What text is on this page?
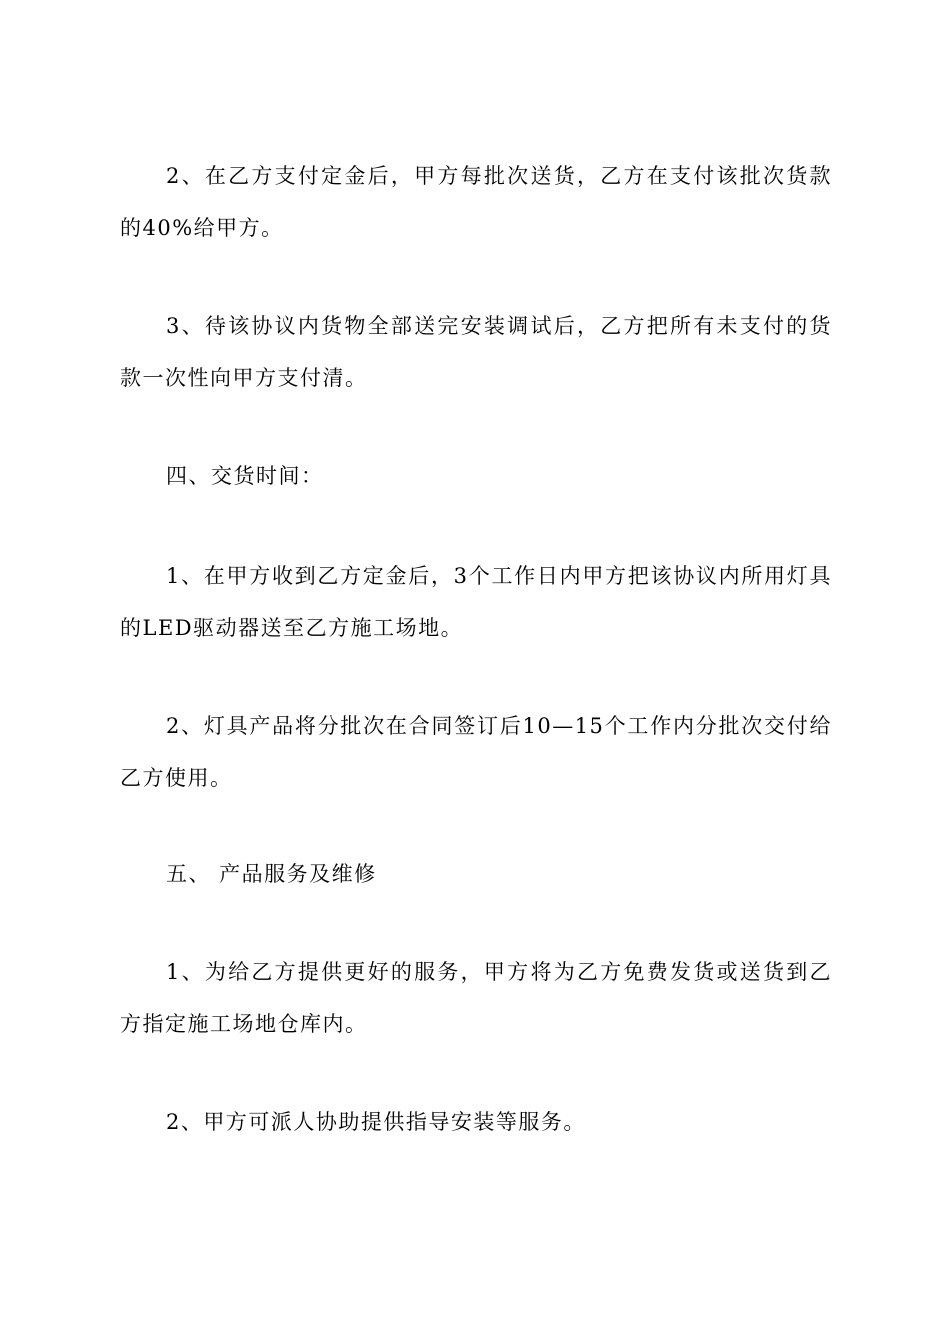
2、在乙方支付定金后，甲方每批次送货，乙方在支付该批次货款的40%给甲方。

3、待该协议内货物全部送完安装调试后，乙方把所有未支付的货款一次性向甲方支付清。

四、交货时间：

1、在甲方收到乙方定金后，3个工作日内甲方把该协议内所用灯具的LED驱动器送至乙方施工场地。

2、灯具产品将分批次在合同签订后10—15个工作内分批次交付给乙方使用。

五、 产品服务及维修

1、为给乙方提供更好的服务，甲方将为乙方免费发货或送货到乙方指定施工场地仓库内。

2、甲方可派人协助提供指导安装等服务。
